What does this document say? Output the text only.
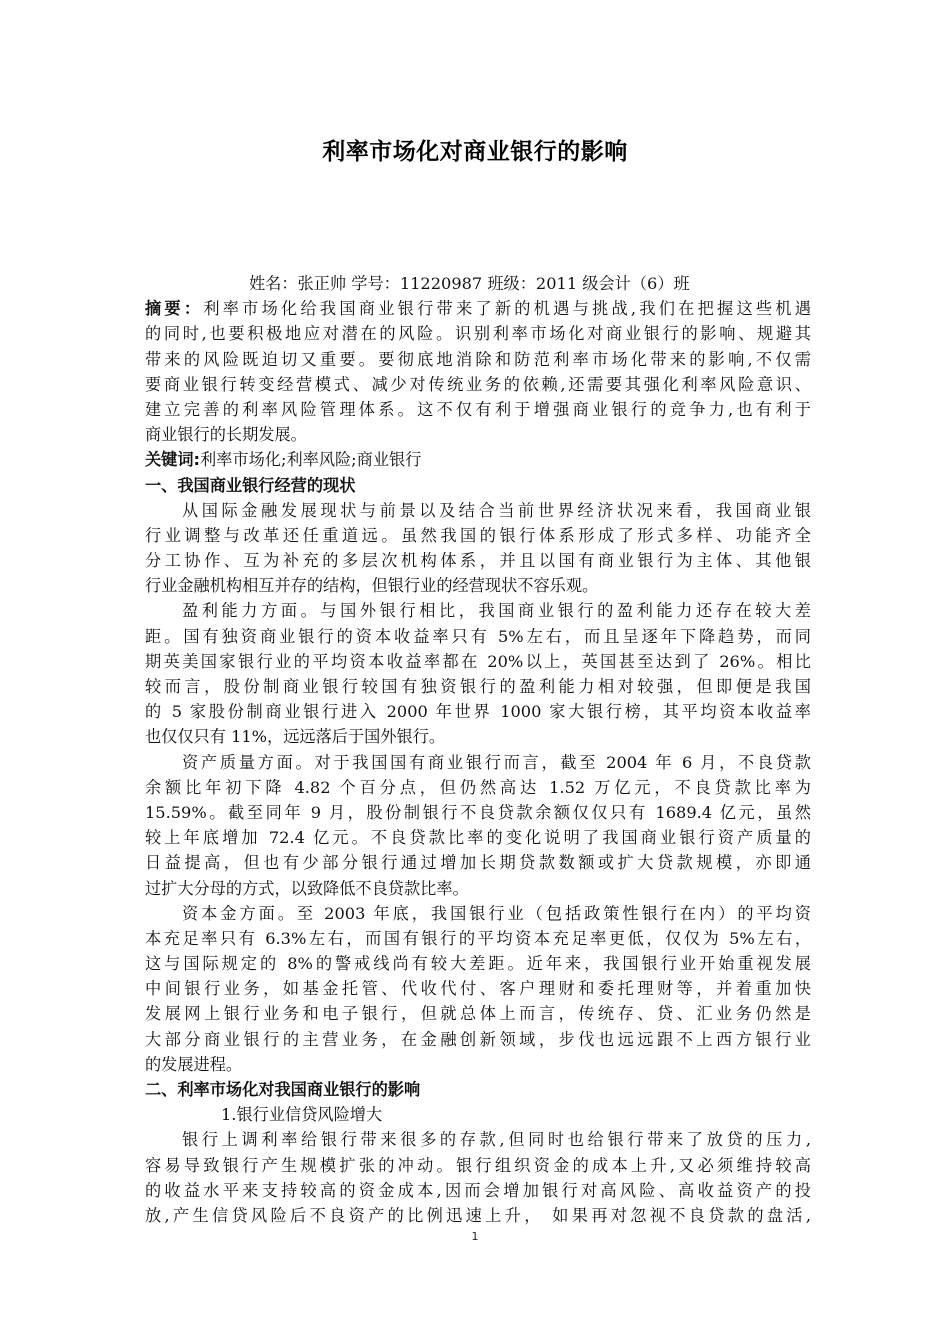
利率市场化对商业银行的影响
姓名：张正帅 学号：11220987 班级：2011 级会计（6）班
摘要：利率市场化给我国商业银行带来了新的机遇与挑战,我们在把握这些机遇
的同时,也要积极地应对潜在的风险。识别利率市场化对商业银行的影响、规避其
带来的风险既迫切又重要。要彻底地消除和防范利率市场化带来的影响,不仅需
要商业银行转变经营模式、减少对传统业务的依赖,还需要其强化利率风险意识、
建立完善的利率风险管理体系。这不仅有利于增强商业银行的竞争力,也有利于
商业银行的长期发展。
关键词:利率市场化;利率风险;商业银行
一、我国商业银行经营的现状
从国际金融发展现状与前景以及结合当前世界经济状况来看，我国商业银
行业调整与改革还任重道远。虽然我国的银行体系形成了形式多样、功能齐全
分工协作、互为补充的多层次机构体系，并且以国有商业银行为主体、其他银
行业金融机构相互并存的结构，但银行业的经营现状不容乐观。
盈利能力方面。与国外银行相比，我国商业银行的盈利能力还存在较大差
距。国有独资商业银行的资本收益率只有 5%左右，而且呈逐年下降趋势，而同
期英美国家银行业的平均资本收益率都在 20%以上，英国甚至达到了 26%。相比
较而言，股份制商业银行较国有独资银行的盈利能力相对较强，但即便是我国
的 5 家股份制商业银行进入 2000 年世界 1000 家大银行榜，其平均资本收益率
也仅仅只有 11%，远远落后于国外银行。
资产质量方面。对于我国国有商业银行而言，截至 2004 年 6 月，不良贷款
余额比年初下降 4.82 个百分点，但仍然高达 1.52 万亿元，不良贷款比率为
15.59%。截至同年 9 月，股份制银行不良贷款余额仅仅只有 1689.4 亿元，虽然
较上年底增加 72.4 亿元。不良贷款比率的变化说明了我国商业银行资产质量的
日益提高，但也有少部分银行通过增加长期贷款数额或扩大贷款规模，亦即通
过扩大分母的方式，以致降低不良贷款比率。
资本金方面。至 2003 年底，我国银行业（包括政策性银行在内）的平均资
本充足率只有 6.3%左右，而国有银行的平均资本充足率更低，仅仅为 5%左右，
这与国际规定的 8%的警戒线尚有较大差距。近年来，我国银行业开始重视发展
中间银行业务，如基金托管、代收代付、客户理财和委托理财等，并着重加快
发展网上银行业务和电子银行，但就总体上而言，传统存、贷、汇业务仍然是
大部分商业银行的主营业务，在金融创新领域，步伐也远远跟不上西方银行业
的发展进程。
二、利率市场化对我国商业银行的影响
1.银行业信贷风险增大
银行上调利率给银行带来很多的存款,但同时也给银行带来了放贷的压力,
容易导致银行产生规模扩张的冲动。银行组织资金的成本上升,又必须维持较高
的收益水平来支持较高的资金成本,因而会增加银行对高风险、高收益资产的投
放,产生信贷风险后不良资产的比例迅速上升， 如果再对忽视不良贷款的盘活,
1
